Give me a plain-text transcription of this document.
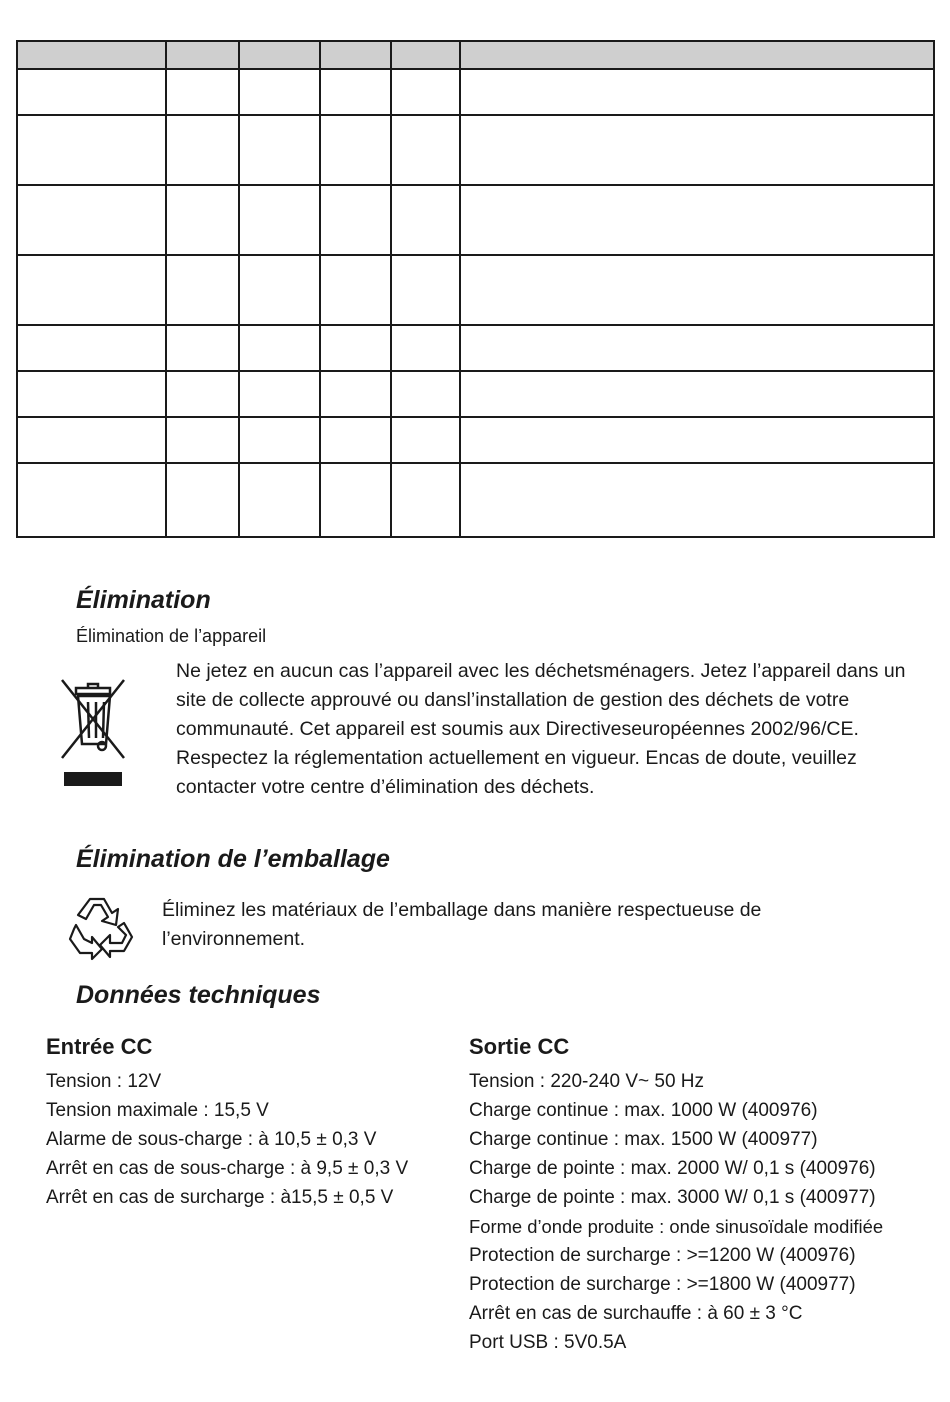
Élimination
Élimination de l’appareil

Ne jetez en aucun cas l’appareil avec les déchetsménagers. Jetez l’appareil dans un site de collecte approuvé ou dansl’installation de gestion des déchets de votre communauté. Cet appareil est soumis aux Directiveseuropéennes 2002/96/CE. Respectez la réglementation actuellement en vigueur. Encas de doute, veuillez contacter votre centre d’élimination des déchets.

Élimination de l’emballage

Éliminez les matériaux de l’emballage dans manière respectueuse de l’environnement.

Données techniques
Entrée CC
Tension : 12V
Tension maximale : 15,5 V
Alarme de sous-charge : à 10,5 ± 0,3 V
Arrêt en cas de sous-charge : à 9,5 ± 0,3 V
Arrêt en cas de surcharge : à15,5 ± 0,5 V
Sortie CC
Tension : 220-240 V~ 50 Hz
Charge continue : max. 1000 W (400976)
Charge continue : max. 1500 W (400977)
Charge de pointe : max. 2000 W/ 0,1 s (400976)
Charge de pointe : max. 3000 W/ 0,1 s (400977)
Forme d’onde produite : onde sinusoïdale modifiée
Protection de surcharge : >=1200 W (400976)
Protection de surcharge : >=1800 W (400977)
Arrêt en cas de surchauffe : à 60 ± 3 °C
Port USB : 5V0.5A
